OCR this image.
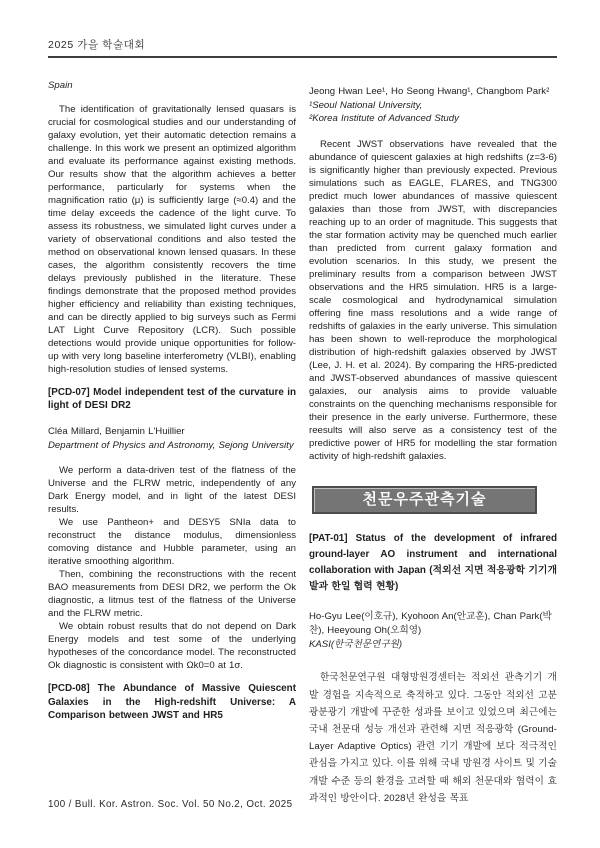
2025 가을 학술대회
Spain

The identification of gravitationally lensed quasars is crucial for cosmological studies and our understanding of galaxy evolution, yet their automatic detection remains a challenge. In this work we present an optimized algorithm and evaluate its performance against existing methods. Our results show that the algorithm achieves a better performance, particularly for systems when the magnification ratio (μ) is sufficiently large (≈0.4) and the time delay exceeds the cadence of the light curve. To assess its robustness, we simulated light curves under a variety of observational conditions and also tested the method on observational known lensed quasars. In these cases, the algorithm consistently recovers the time delays previously published in the literature. These findings demonstrate that the proposed method provides higher efficiency and reliability than existing techniques, and can be directly applied to big surveys such as Fermi LAT Light Curve Repository (LCR). Such possible detections would provide unique opportunities for follow-up with very long baseline interferometry (VLBI), enabling high-resolution studies of lensed systems.

[PCD-07] Model independent test of the curvature in light of DESI DR2
Cléa Millard, Benjamin L'Huillier
Department of Physics and Astronomy, Sejong University

We perform a data-driven test of the flatness of the Universe and the FLRW metric, independently of any Dark Energy model, and in light of the latest DESI results.

We use Pantheon+ and DESY5 SNIa data to reconstruct the distance modulus, dimensionless comoving distance and Hubble parameter, using an iterative smoothing algorithm.

Then, combining the reconstructions with the recent BAO measurements from DESI DR2, we perform the Ok diagnostic, a litmus test of the flatness of the Universe and the FLRW metric.

We obtain robust results that do not depend on Dark Energy models and test some of the underlying hypotheses of the concordance model. The reconstructed Ok diagnostic is consistent with Ωk0=0 at 1σ.

[PCD-08] The Abundance of Massive Quiescent Galaxies in the High-redshift Universe: A Comparison between JWST and HR5
Jeong Hwan Lee¹, Ho Seong Hwang¹, Changbom Park²
¹Seoul National University,
²Korea Institute of Advanced Study

Recent JWST observations have revealed that the abundance of quiescent galaxies at high redshifts (z=3-6) is significantly higher than previously expected. Previous simulations such as EAGLE, FLARES, and TNG300 predict much lower abundances of massive quiescent galaxies than those from JWST, with discrepancies reaching up to an order of magnitude. This suggests that the star formation activity may be quenched much earlier than predicted from current galaxy formation and evolution scenarios. In this study, we present the preliminary results from a comparison between JWST observations and the HR5 simulation. HR5 is a large-scale cosmological and hydrodynamical simulation offering fine mass resolutions and a wide range of redshifts of galaxies in the early universe. This simulation has been shown to well-reproduce the morphological distribution of high-redshift galaxies observed by JWST (Lee, J. H. et al. 2024). By comparing the HR5-predicted and JWST-observed abundances of massive quiescent galaxies, our analysis aims to provide valuable constraints on the quenching mechanisms responsible for their presence in the early universe. Furthermore, these reesults will also serve as a consistency test of the predictive power of HR5 for modelling the star formation activity of high-redshift galaxies.

천문우주관측기술
[PAT-01] Status of the development of infrared ground-layer AO instrument and international collaboration with Japan (적외선 지면 적응광학 기기개발과 한일 협력 현황)
Ho-Gyu Lee(이호규), Kyohoon An(안교훈), Chan Park(박찬), Heeyoung Oh(오희영)
KASI(한국천문연구원)

한국천문연구원 대형망원경센터는 적외선 관측기기 개발 경험을 지속적으로 축적하고 있다. 그동안 적외선 고분광분광기 개발에 꾸준한 성과를 보이고 있었으며 최근에는 국내 천문대 성능 개선과 관련해 지면 적응광학 (Ground-Layer Adaptive Optics) 관련 기기 개발에 보다 적극적인 관심을 가지고 있다. 이를 위해 국내 망원경 사이트 및 기술 개발 수준 등의 환경을 고려할 때 해외 천문대와 협력이 효과적인 방안이다. 2028년 완성을 목표

100 / Bull. Kor. Astron. Soc. Vol. 50 No.2, Oct. 2025
